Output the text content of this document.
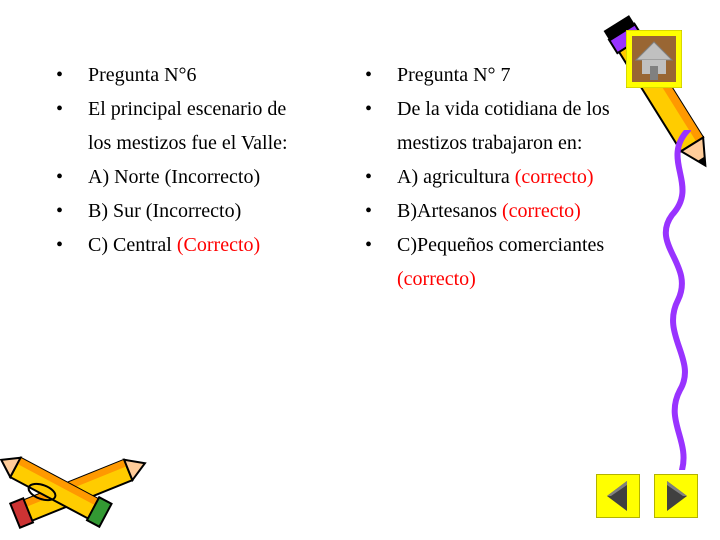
•	Pregunta N°6
•	El principal escenario de
los mestizos fue el Valle:
•	A) Norte (Incorrecto)
•	B) Sur (Incorrecto)
•	C) Central (Correcto)
•	Pregunta N° 7
•	De la vida cotidiana de los
mestizos trabajaron en:
•	A) agricultura (correcto)
•	B)Artesanos (correcto)
•	C)Pequeños comerciantes
(correcto)
